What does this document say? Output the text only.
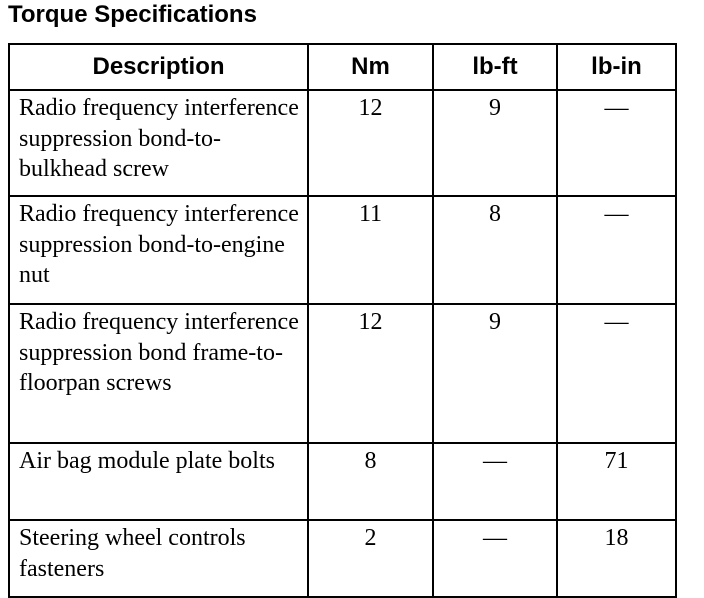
Torque Specifications
Description	Nm	lb-ft	lb-in
Radio frequency interference suppression bond-to-bulkhead screw	12	9	—
Radio frequency interference suppression bond-to-engine nut	11	8	—
Radio frequency interference suppression bond frame-to-floorpan screws	12	9	—
Air bag module plate bolts	8	—	71
Steering wheel controls fasteners	2	—	18
